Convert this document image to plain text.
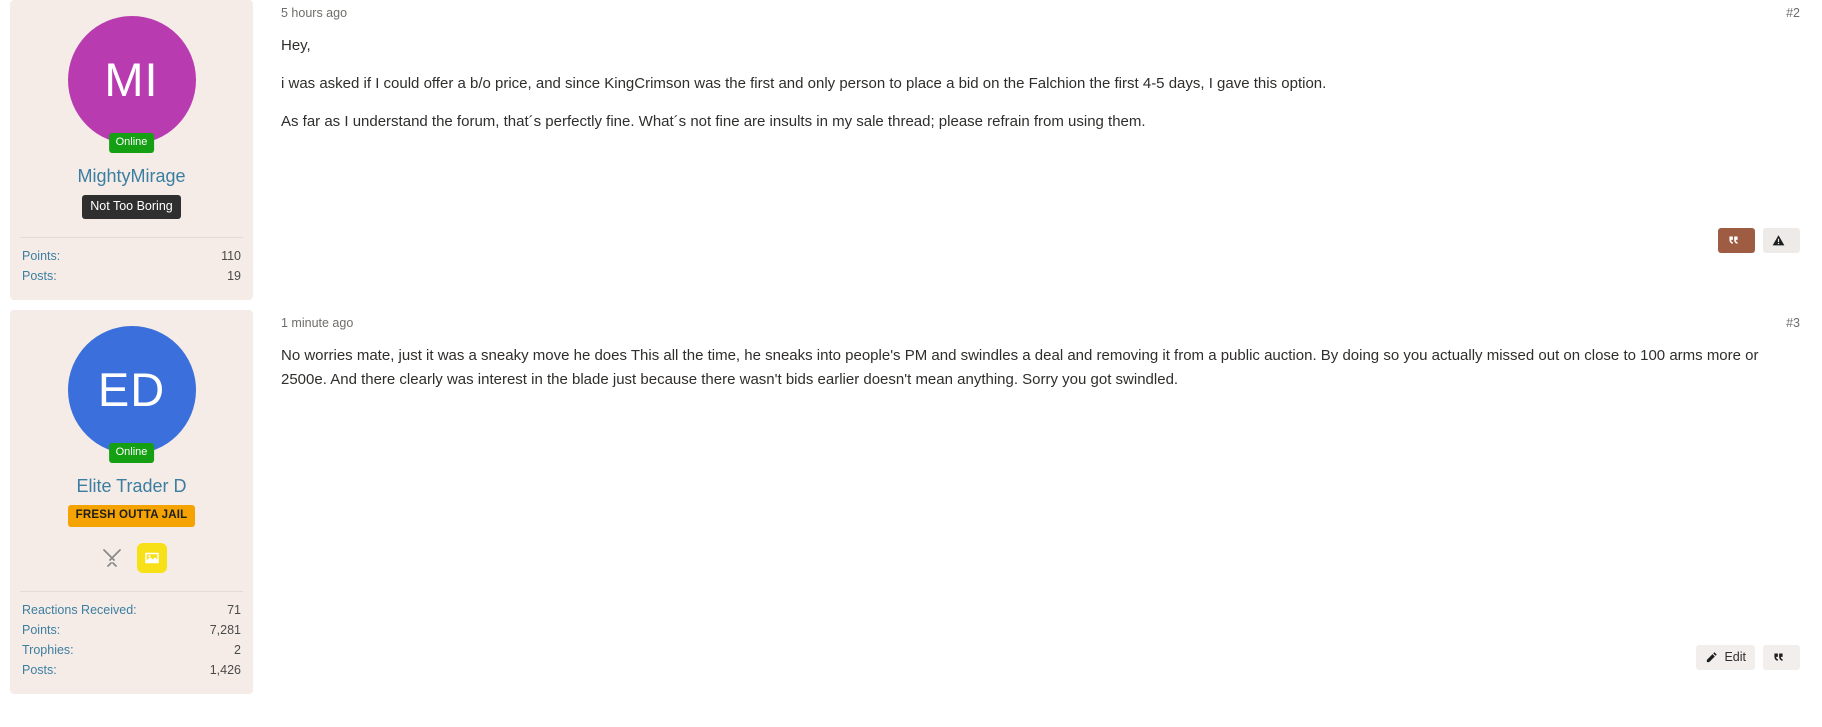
MI
Online
MightyMirage
Not Too Boring
Points:	110
Posts:	19
5 hours ago	#2

Hey,

i was asked if I could offer a b/o price, and since KingCrimson was the first and only person to place a bid on the Falchion the first 4-5 days, I gave this option.

As far as I understand the forum, that´s perfectly fine. What´s not fine are insults in my sale thread; please refrain from using them.

ED
Online
Elite Trader D
FRESH OUTTA JAIL
Reactions Received:	71
Points:	7,281
Trophies:	2
Posts:	1,426
1 minute ago	#3

No worries mate, just it was a sneaky move he does This all the time, he sneaks into people's PM and swindles a deal and removing it from a public auction. By doing so you actually missed out on close to 100 arms more or 2500e. And there clearly was interest in the blade just because there wasn't bids earlier doesn't mean anything. Sorry you got swindled.

Edit
